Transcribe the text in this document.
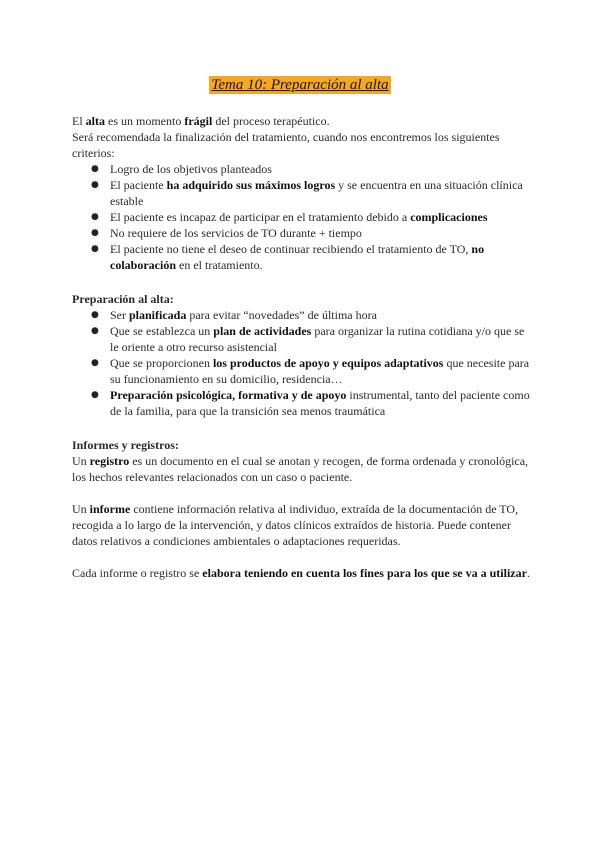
Tema 10: Preparación al alta

El alta es un momento frágil del proceso terapéutico.

Será recomendada la finalización del tratamiento, cuando nos encontremos los siguientes criterios:

● Logro de los objetivos planteados
● El paciente ha adquirido sus máximos logros y se encuentra en una situación clínica estable
● El paciente es incapaz de participar en el tratamiento debido a complicaciones
● No requiere de los servicios de TO durante + tiempo
● El paciente no tiene el deseo de continuar recibiendo el tratamiento de TO, no colaboración en el tratamiento.

Preparación al alta:

● Ser planificada para evitar “novedades” de última hora
● Que se establezca un plan de actividades para organizar la rutina cotidiana y/o que se le oriente a otro recurso asistencial
● Que se proporcionen los productos de apoyo y equipos adaptativos que necesite para su funcionamiento en su domicilio, residencia…
● Preparación psicológica, formativa y de apoyo instrumental, tanto del paciente como de la familia, para que la transición sea menos traumática

Informes y registros:

Un registro es un documento en el cual se anotan y recogen, de forma ordenada y cronológica, los hechos relevantes relacionados con un caso o paciente.

Un informe contiene información relativa al individuo, extraída de la documentación de TO, recogida a lo largo de la intervención, y datos clínicos extraídos de historia. Puede contener datos relativos a condiciones ambientales o adaptaciones requeridas.

Cada informe o registro se elabora teniendo en cuenta los fines para los que se va a utilizar.
